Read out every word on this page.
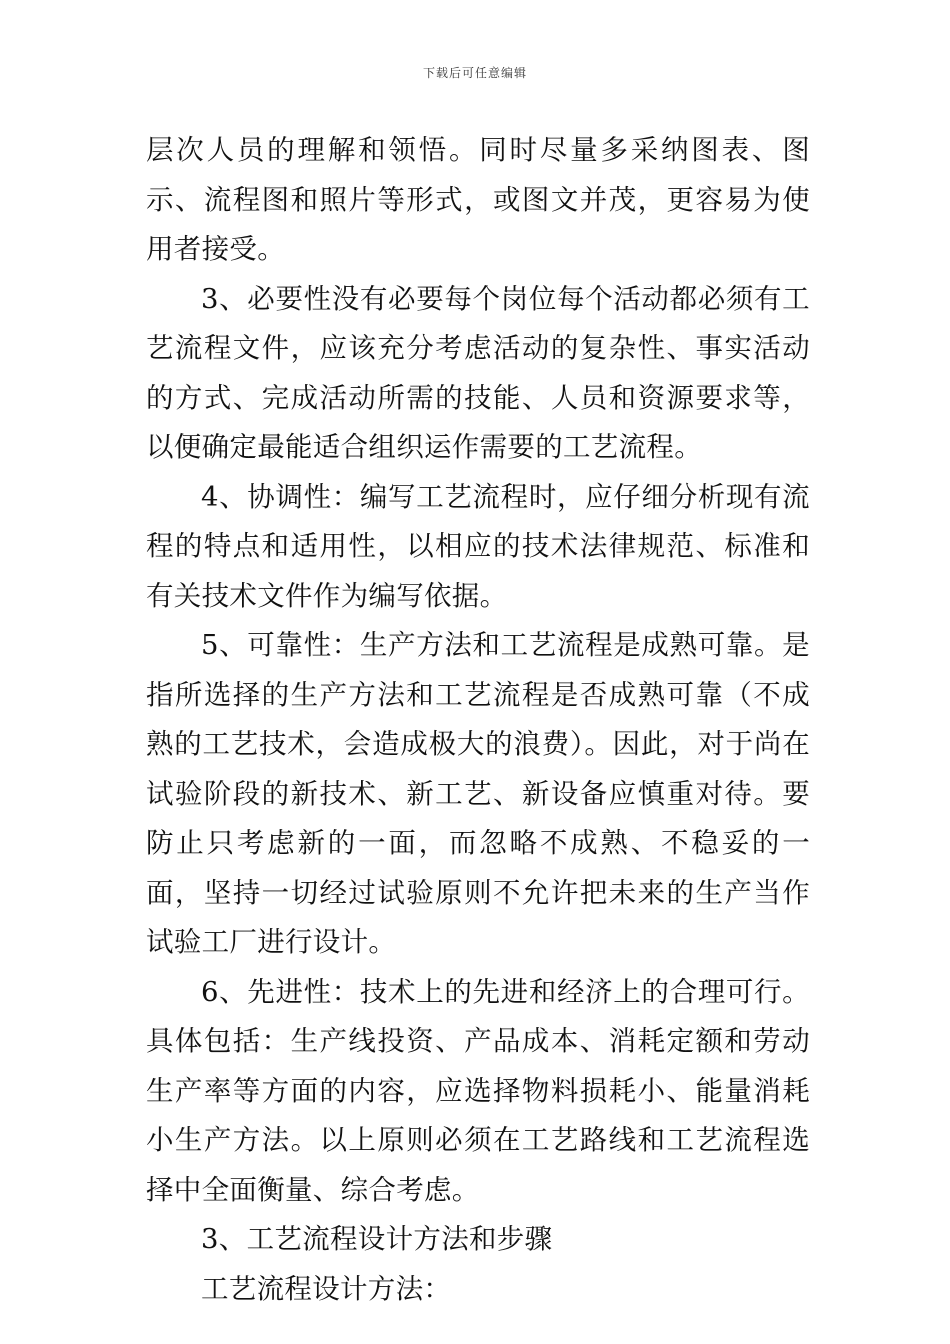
下载后可任意编辑

层次人员的理解和领悟。同时尽量多采纳图表、图示、流程图和照片等形式，或图文并茂，更容易为使用者接受。

3、必要性没有必要每个岗位每个活动都必须有工艺流程文件，应该充分考虑活动的复杂性、事实活动的方式、完成活动所需的技能、人员和资源要求等，以便确定最能适合组织运作需要的工艺流程。

4、协调性：编写工艺流程时，应仔细分析现有流程的特点和适用性，以相应的技术法律规范、标准和有关技术文件作为编写依据。

5、可靠性：生产方法和工艺流程是成熟可靠。是指所选择的生产方法和工艺流程是否成熟可靠（不成熟的工艺技术，会造成极大的浪费）。因此，对于尚在试验阶段的新技术、新工艺、新设备应慎重对待。要防止只考虑新的一面，而忽略不成熟、不稳妥的一面，坚持一切经过试验原则不允许把未来的生产当作试验工厂进行设计。

6、先进性：技术上的先进和经济上的合理可行。具体包括：生产线投资、产品成本、消耗定额和劳动生产率等方面的内容，应选择物料损耗小、能量消耗小生产方法。以上原则必须在工艺路线和工艺流程选择中全面衡量、综合考虑。

3、工艺流程设计方法和步骤

工艺流程设计方法：
